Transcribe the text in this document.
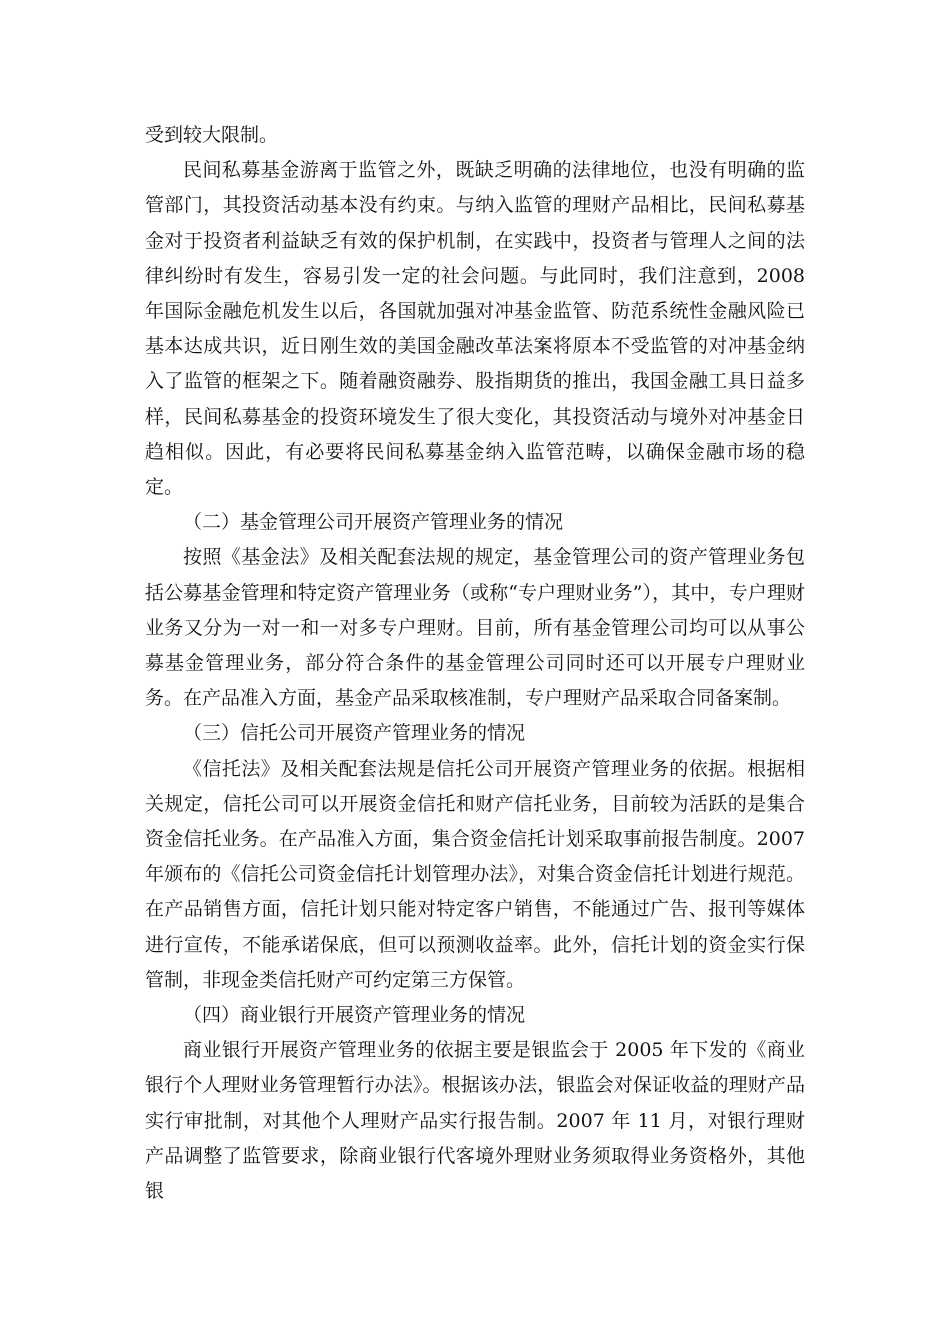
受到较大限制。

民间私募基金游离于监管之外，既缺乏明确的法律地位，也没有明确的监管部门，其投资活动基本没有约束。与纳入监管的理财产品相比，民间私募基金对于投资者利益缺乏有效的保护机制，在实践中，投资者与管理人之间的法律纠纷时有发生，容易引发一定的社会问题。与此同时，我们注意到，2008 年国际金融危机发生以后，各国就加强对冲基金监管、防范系统性金融风险已基本达成共识，近日刚生效的美国金融改革法案将原本不受监管的对冲基金纳入了监管的框架之下。随着融资融券、股指期货的推出，我国金融工具日益多样，民间私募基金的投资环境发生了很大变化，其投资活动与境外对冲基金日趋相似。因此，有必要将民间私募基金纳入监管范畴，以确保金融市场的稳定。

（二）基金管理公司开展资产管理业务的情况

按照《基金法》及相关配套法规的规定，基金管理公司的资产管理业务包括公募基金管理和特定资产管理业务（或称“专户理财业务”），其中，专户理财业务又分为一对一和一对多专户理财。目前，所有基金管理公司均可以从事公募基金管理业务，部分符合条件的基金管理公司同时还可以开展专户理财业务。在产品准入方面，基金产品采取核准制，专户理财产品采取合同备案制。

（三）信托公司开展资产管理业务的情况

《信托法》及相关配套法规是信托公司开展资产管理业务的依据。根据相关规定，信托公司可以开展资金信托和财产信托业务，目前较为活跃的是集合资金信托业务。在产品准入方面，集合资金信托计划采取事前报告制度。2007 年颁布的《信托公司资金信托计划管理办法》，对集合资金信托计划进行规范。在产品销售方面，信托计划只能对特定客户销售，不能通过广告、报刊等媒体进行宣传，不能承诺保底，但可以预测收益率。此外，信托计划的资金实行保管制，非现金类信托财产可约定第三方保管。

（四）商业银行开展资产管理业务的情况

商业银行开展资产管理业务的依据主要是银监会于 2005 年下发的《商业银行个人理财业务管理暂行办法》。根据该办法，银监会对保证收益的理财产品实行审批制，对其他个人理财产品实行报告制。2007 年 11 月，对银行理财产品调整了监管要求，除商业银行代客境外理财业务须取得业务资格外，其他银
